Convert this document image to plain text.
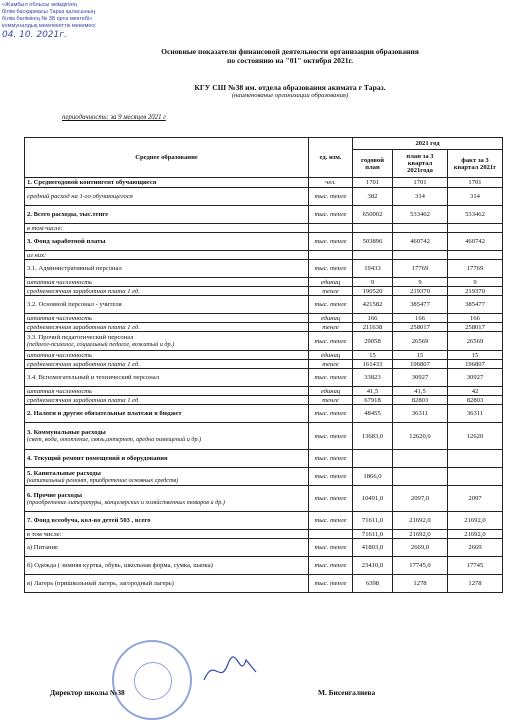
«Жамбыл облысы әкімдігінің
білім басқармасы Тараз қаласының
білім бөлімінің № 38 орта мектебі»
коммуналдық мемлекеттік мекемесі
04. 10. 2021г.
Основные показатели финансовой деятельности организации образования
по состоянию на "01" октября 2021г.
КГУ СШ №38 им. отдела образования акимата г Тараз.
(наименование организации образования)
периодичность: за 9 месяцев 2021 г
Среднее образование	ед. изм.	2021 год		
		годовой план	план за 3 квартал 2021года	факт за 3 квартал 2021г
1. Среднегодовой контингент обучающиеся	чел.	1701	1701	1701
средний расход на 1-го обучающегося	тыс. тенге	382	314	314
2. Всего расходы, тыс.тенге	тыс. тенге	650002	533462	533462
в том числе:				
3. Фонд заработной платы	тыс. тенге	503896	460742	460742
из них:				
3.1. Административный персонал	тыс. тенге	19433	17769	17769
штатная численность	единиц	9	9	9
среднемесячная заработная плата 1 ед.	тенге	190520	219370	219370
3.2. Основной персонал - учителя	тыс. тенге	421582	385477	385477
штатная численность	единиц	166	166	166
среднемесячная заработная плата 1 ед.	тенге	211638	258017	258017
3.3. Прочий педагогический персонал
(педагог-психолог, социальный педагог, вожатый и др.)	тыс. тенге	29058	26569	26569
штатная численность	единиц	15	15	15
среднемесячная заработная плата 1 ед.	тенге	161433	196807	196807
3.4. Вспомогательный и технический персонал	тыс. тенге	33823	30927	30927
штатная численность	единиц	41,5	41,5	42
среднемесячная заработная плата 1 ед.	тенге	67918	82803	82803
2. Налоги и другие обязательные платежи в бюджет	тыс. тенге	48455	36311	36311
3. Коммунальные расходы
(свет, вода, отопление, связь,интернет, аредна помещений и др.)	тыс. тенге	13683,0	12620,0	12620
4. Текущий ремонт помещений и оборудования	тыс. тенге			
5. Капитальные расходы
(капитальный ремонт, приобретение основных средств)	тыс. тенге	1866,0		
6. Прочие расходы
(приобретение литературы, канцелярских и хозяйственных товаров и др.)	тыс. тенге	10491,0	2097,0	2097
7. Фонд всеобуча, кол-во детей 503 , всего	тыс. тенге	71611,0	21692,0	21692,0
в том числе:		71611,0	21692,0	21692,0
а) Питание	тыс. тенге	41803,0	2669,0	2669
б) Одежда ( зимняя куртка, обувь, школьная форма, сумка, шапка)	тыс. тенге	23410,0	17745,0	17745
в) Лагерь (пришкольный лагерь, загородный лагерь)	тыс. тенге	6398	1278	1278
Директор школы №38	М. Бисенгалиева
